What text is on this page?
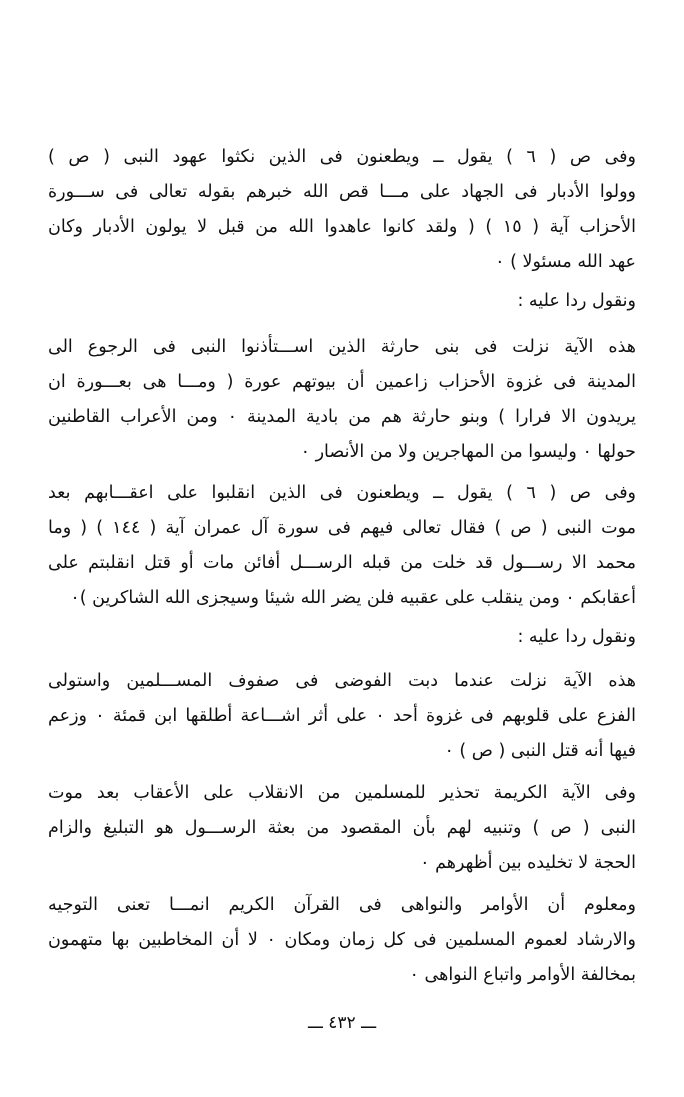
وفى ص ( ٦ ) يقول ــ ويطعنون فى الذين نكثوا عهود النبى ( ص )
وولوا الأدبار فى الجهاد على مـــا قص الله خبرهم بقوله تعالى فى ســـورة
الأحزاب آية ( ١٥ ) ( ولقد كانوا عاهدوا الله من قبل لا يولون الأدبار وكان
عهد الله مسئولا ) ٠
ونقول ردا عليه :
هذه الآية نزلت فى بنى حارثة الذين اســـتأذنوا النبى فى الرجوع الى
المدينة فى غزوة الأحزاب زاعمين أن بيوتهم عورة ( ومـــا هى بعـــورة ان
يريدون الا فرارا ) وبنو حارثة هم من بادية المدينة ٠ ومن الأعراب القاطنين
حولها ٠ وليسوا من المهاجرين ولا من الأنصار ٠
وفى ص ( ٦ ) يقول ــ ويطعنون فى الذين انقلبوا على اعقـــابهم بعد
موت النبى ( ص ) فقال تعالى فيهم فى سورة آل عمران آية ( ١٤٤ ) ( وما
محمد الا رســـول قد خلت من قبله الرســـل أفائن مات أو قتل انقلبتم على
أعقابكم ٠ ومن ينقلب على عقبيه فلن يضر الله شيئا وسيجزى الله الشاكرين )٠
ونقول ردا عليه :
هذه الآية نزلت عندما دبت الفوضى فى صفوف المســـلمين واستولى
الفزع على قلوبهم فى غزوة أحد ٠ على أثر اشـــاعة أطلقها ابن قمئة ٠ وزعم
فيها أنه قتل النبى ( ص ) ٠
وفى الآية الكريمة تحذير للمسلمين من الانقلاب على الأعقاب بعد موت
النبى ( ص ) وتنبيه لهم بأن المقصود من بعثة الرســـول هو التبليغ والزام
الحجة لا تخليده بين أظهرهم ٠
ومعلوم أن الأوامر والنواهى فى القرآن الكريم انمـــا تعنى التوجيه
والارشاد لعموم المسلمين فى كل زمان ومكان ٠ لا أن المخاطبين بها متهمون
بمخالفة الأوامر واتباع النواهى ٠
ـــ ٤٣٢ ـــ
